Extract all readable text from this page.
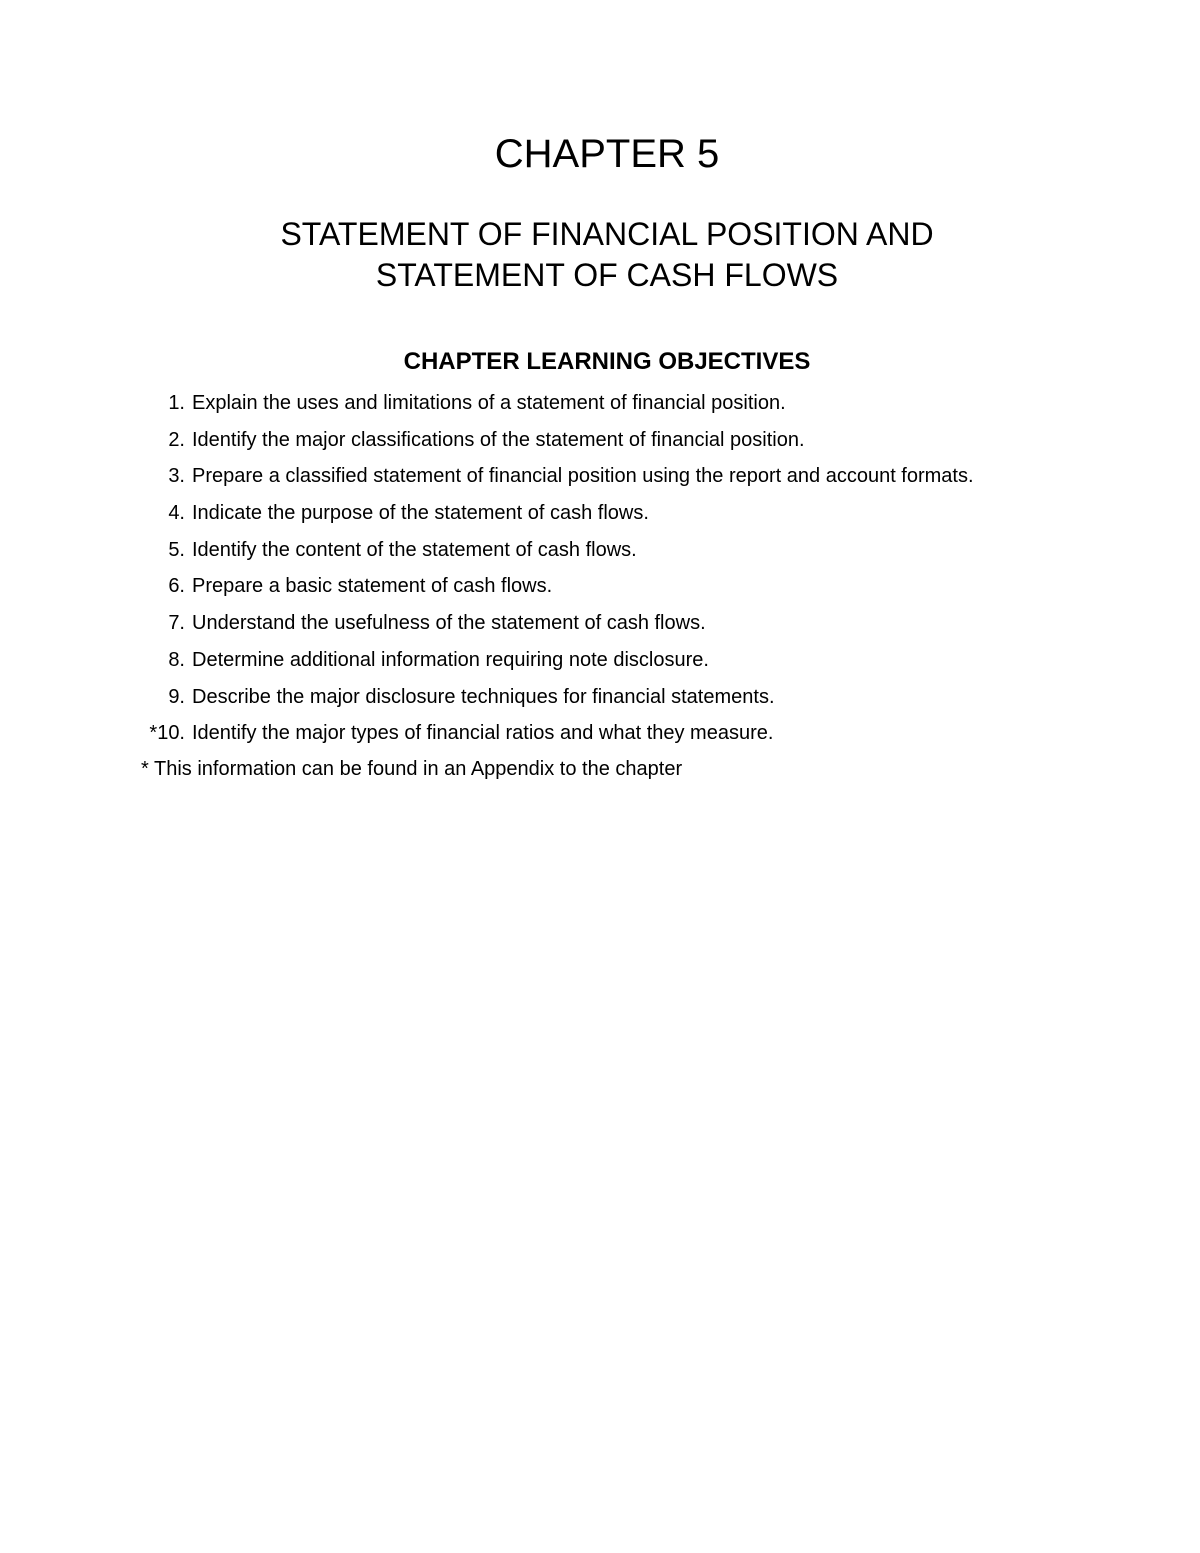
CHAPTER 5
STATEMENT OF FINANCIAL POSITION AND
STATEMENT OF CASH FLOWS
CHAPTER LEARNING OBJECTIVES
1. Explain the uses and limitations of a statement of financial position.
2. Identify the major classifications of the statement of financial position.
3. Prepare a classified statement of financial position using the report and account formats.
4. Indicate the purpose of the statement of cash flows.
5. Identify the content of the statement of cash flows.
6. Prepare a basic statement of cash flows.
7. Understand the usefulness of the statement of cash flows.
8. Determine additional information requiring note disclosure.
9. Describe the major disclosure techniques for financial statements.
*10. Identify the major types of financial ratios and what they measure.

* This information can be found in an Appendix to the chapter
